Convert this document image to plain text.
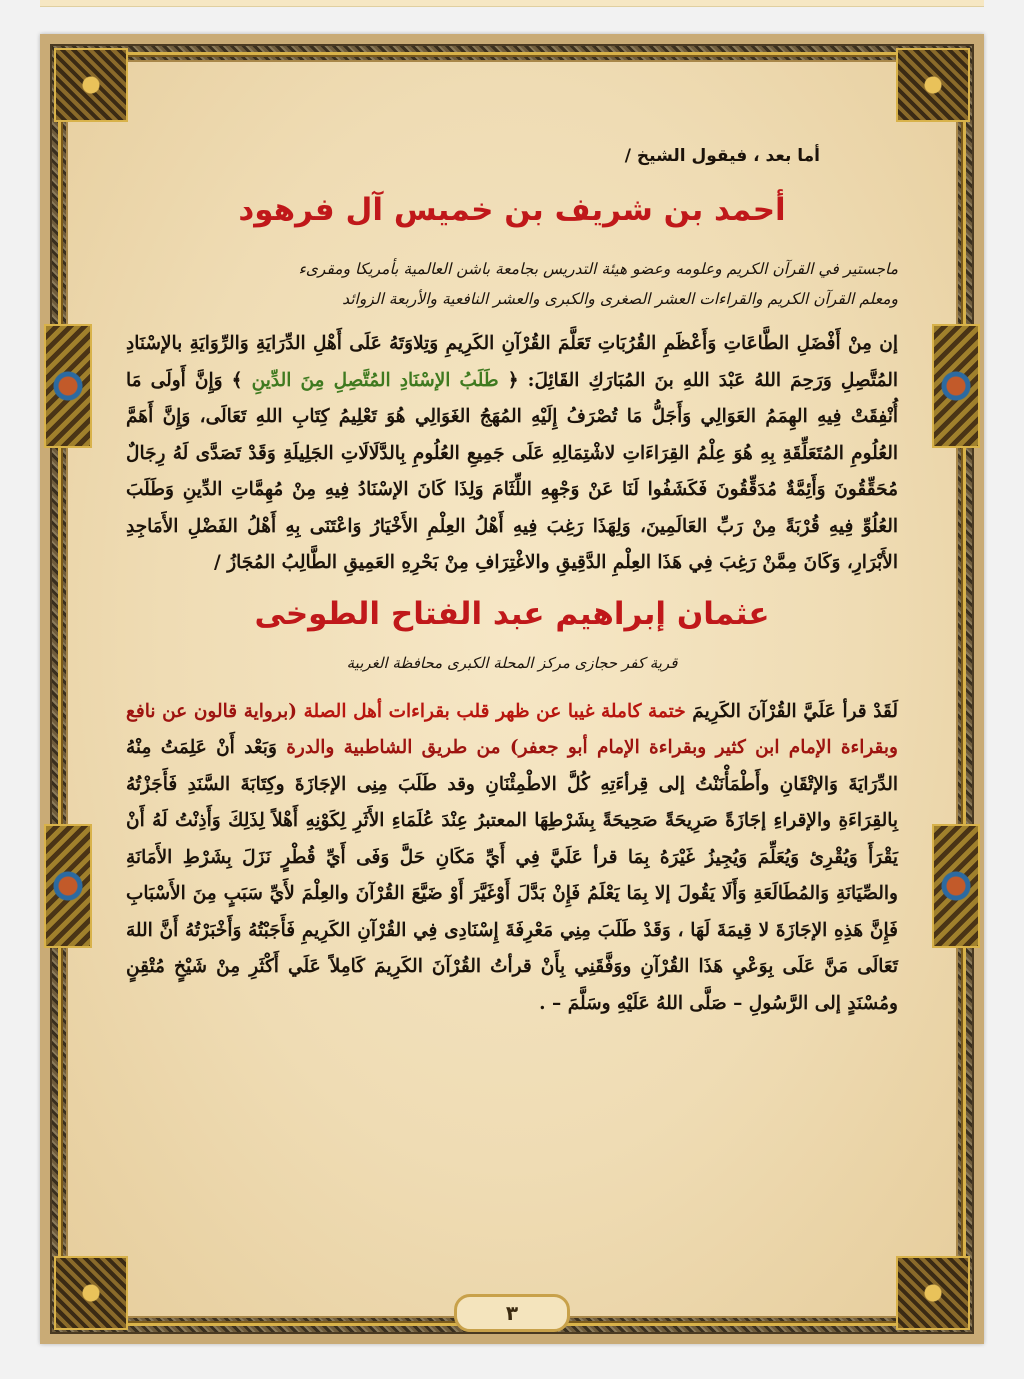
أما بعد ، فيقول الشيخ /
أحمد بن شريف بن خميس آل فرهود
ماجستير في القرآن الكريم وعلومه وعضو هيئة التدريس بجامعة باشن العالمية بأمريكا ومقرىء
ومعلم القرآن الكريم والقراءات العشر الصغرى والكبرى والعشر النافعية والأربعة الزوائد

إن مِنْ أَفْضَلِ الطَّاعَاتِ وَأَعْظَمِ القُرُبَاتِ تَعَلَّمَ القُرْآنِ الكَرِيمِ وَتِلاوَتَهُ عَلَى أَهْلِ الدِّرَايَةِ وَالرِّوَايَةِ بالإسْنَادِ المُتَّصِلِ وَرَحِمَ اللهُ عَبْدَ اللهِ بنَ المُبَارَكِ القَائِلَ: ﴿ طَلَبُ الإسْنَادِ المُتَّصِلِ مِنَ الدِّينِ ﴾ وَإِنَّ أَولَى مَا أُنْفِقَتْ فِيهِ الهِمَمُ العَوَالِي وَأَجَلُّ مَا تُصْرَفُ إِلَيْهِ المُهَجُ الغَوَالِي هُوَ تَعْلِيمُ كِتَابِ اللهِ تَعَالَى، وَإِنَّ أَهَمَّ العُلُومِ المُتَعَلِّقَةِ بِهِ هُوَ عِلْمُ القِرَاءَاتِ لاشْتِمَالِهِ عَلَى جَمِيعِ العُلُومِ بِالدَّلَالَاتِ الجَلِيلَةِ وَقَدْ تَصَدَّى لَهُ رِجَالٌ مُحَقِّقُونَ وَأَئِمَّةٌ مُدَقِّقُونَ فَكَشَفُوا لَنَا عَنْ وَجْهِهِ اللِّثَامَ وَلِذَا كَانَ الإسْنَادُ فِيهِ مِنْ مُهِمَّاتِ الدِّينِ وَطَلَبَ العُلُوِّ فِيهِ قُرْبَةً مِنْ رَبِّ العَالَمِينَ، وَلِهَذَا رَغِبَ فِيهِ أَهْلُ العِلْمِ الأَخْيَارُ وَاعْتَنَى بِهِ أَهْلُ الفَضْلِ الأَمَاجِدِ الأَبْرَارِ، وَكَانَ مِمَّنْ رَغِبَ فِي هَذَا العِلْمِ الدَّقِيقِ والاغْتِرَافِ مِنْ بَحْرِهِ العَمِيقِ الطَّالِبُ المُجَازُ /

عثمان إبراهيم عبد الفتاح الطوخى
قرية كفر حجازى مركز المحلة الكبرى محافظة الغربية

لَقَدْ قرأ عَلَيَّ القُرْآنَ الكَرِيمَ ختمة كاملة غيبا عن ظهر قلب بقراءات أهل الصلة (برواية قالون عن نافع وبقراءة الإمام ابن كثير وبقراءة الإمام أبو جعفر) من طريق الشاطبية والدرة وَبَعْد أَنْ عَلِمَتُ مِنْهُ الدِّرَايَةَ وَالإتْقَانِ وأَطْمَأْنَنْتُ إلى قِرأءَتِهِ كُلَّ الاطْمِئْنَانِ وقد طَلَبَ مِنِى الإجَازَةَ وكِتَابَةَ السَّنَدِ فَأَجَزْتُهُ بِالقِرَاءَةِ والإقراءِ إجَازَةً صَرِيحَةً صَحِيحَةً بِشَرْطِهَا المعتبرُ عِنْدَ عُلَمَاءِ الأَثَرِ لِكَوْنِهِ أَهْلاً لِذَلِكَ وَأَذِنْتُ لَهُ أَنْ يَقْرَأَ وَيُقْرِئ وَيُعَلِّمَ وَيُجِيزُ غَيْرَهُ بِمَا قرأ عَلَيَّ فِي أَيِّ مَكَانِ حَلَّ وَفَى أَيِّ قُطْرٍ نَزَلَ بِشَرْطِ الأَمَانَةِ والصِّيَانَةِ وَالمُطَالَعَةِ وَأَلَا يَقُولَ إلا بِمَا يَعْلَمُ فَإِنْ بَدَّلَ أَوْغَيَّرَ أَوْ ضَيَّعَ القُرْآنَ والعِلْمَ لأَيِّ سَبَبٍ مِنَ الأَسْبَابِ فَإِنَّ هَذِهِ الإجَازَةَ لا قِيمَةَ لَهَا ، وَقَدْ طَلَبَ مِنِي مَعْرِفَةَ إِسْنَادِى فِي القُرْآنِ الكَرِيمِ فَأَجَبْتُهُ وَأَخْبَرْتُهُ أَنَّ اللهَ تَعَالَى مَنَّ عَلَى بِوَعْيِ هَذَا القُرْآنِ ووَفَّقَنِي بِأَنْ قرأتُ القُرْآنَ الكَرِيمَ كَامِلاً عَلَي أَكْثَرِ مِنْ شَيْخٍ مُتْقِنٍ ومُسْنَدٍ إلى الرَّسُولِ – صَلَّى اللهُ عَلَيْهِ وسَلَّمَ – .

٣
